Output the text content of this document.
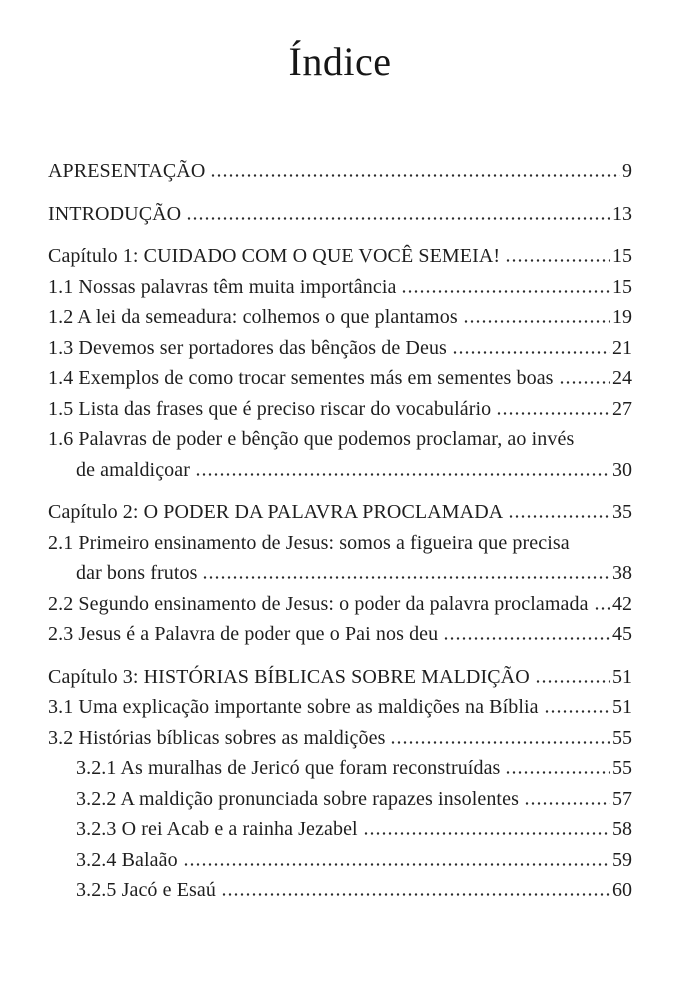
Índice
APRESENTAÇÃO	9
INTRODUÇÃO	13
Capítulo 1: CUIDADO COM O QUE VOCÊ SEMEIA!	15
1.1 Nossas palavras têm muita importância	15
1.2 A lei da semeadura: colhemos o que plantamos	19
1.3 Devemos ser portadores das bênçãos de Deus	21
1.4 Exemplos de como trocar sementes más em sementes boas	24
1.5 Lista das frases que é preciso riscar do vocabulário	27
1.6 Palavras de poder e bênção que podemos proclamar, ao invés
de amaldiçoar	30
Capítulo 2: O PODER DA PALAVRA PROCLAMADA	35
2.1 Primeiro ensinamento de Jesus: somos a figueira que precisa
dar bons frutos	38
2.2 Segundo ensinamento de Jesus: o poder da palavra proclamada 42
2.3 Jesus é a Palavra de poder que o Pai nos deu	45
Capítulo 3: HISTÓRIAS BÍBLICAS SOBRE MALDIÇÃO	51
3.1 Uma explicação importante sobre as maldições na Bíblia	51
3.2 Histórias bíblicas sobres as maldições	55
3.2.1 As muralhas de Jericó que foram reconstruídas	55
3.2.2 A maldição pronunciada sobre rapazes insolentes	57
3.2.3 O rei Acab e a rainha Jezabel	58
3.2.4 Balaão	59
3.2.5 Jacó e Esaú	60
